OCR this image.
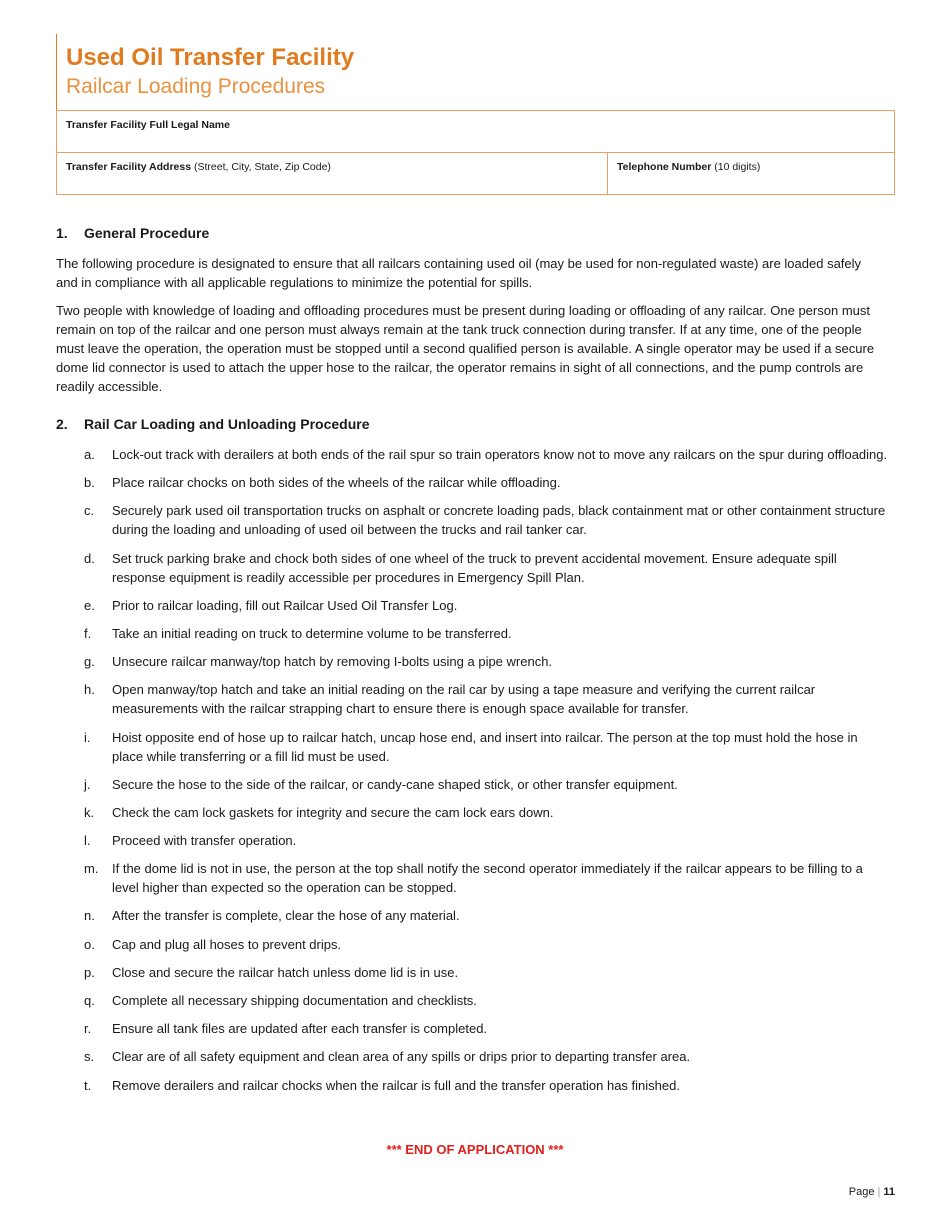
Used Oil Transfer Facility
Railcar Loading Procedures
Transfer Facility Full Legal Name
Transfer Facility Address (Street, City, State, Zip Code)	Telephone Number (10 digits)
1.	General Procedure

The following procedure is designated to ensure that all railcars containing used oil (may be used for non-regulated waste) are loaded safely and in compliance with all applicable regulations to minimize the potential for spills.

Two people with knowledge of loading and offloading procedures must be present during loading or offloading of any railcar. One person must remain on top of the railcar and one person must always remain at the tank truck connection during transfer. If at any time, one of the people must leave the operation, the operation must be stopped until a second qualified person is available. A single operator may be used if a secure dome lid connector is used to attach the upper hose to the railcar, the operator remains in sight of all connections, and the pump controls are readily accessible.

2.	Rail Car Loading and Unloading Procedure
a.	Lock-out track with derailers at both ends of the rail spur so train operators know not to move any railcars on the spur during offloading.
b.	Place railcar chocks on both sides of the wheels of the railcar while offloading.
c.	Securely park used oil transportation trucks on asphalt or concrete loading pads, black containment mat or other containment structure during the loading and unloading of used oil between the trucks and rail tanker car.
d.	Set truck parking brake and chock both sides of one wheel of the truck to prevent accidental movement. Ensure adequate spill response equipment is readily accessible per procedures in Emergency Spill Plan.
e.	Prior to railcar loading, fill out Railcar Used Oil Transfer Log.
f.	Take an initial reading on truck to determine volume to be transferred.
g.	Unsecure railcar manway/top hatch by removing I-bolts using a pipe wrench.
h.	Open manway/top hatch and take an initial reading on the rail car by using a tape measure and verifying the current railcar measurements with the railcar strapping chart to ensure there is enough space available for transfer.
i.	Hoist opposite end of hose up to railcar hatch, uncap hose end, and insert into railcar. The person at the top must hold the hose in place while transferring or a fill lid must be used.
j.	Secure the hose to the side of the railcar, or candy-cane shaped stick, or other transfer equipment.
k.	Check the cam lock gaskets for integrity and secure the cam lock ears down.
l.	Proceed with transfer operation.
m.	If the dome lid is not in use, the person at the top shall notify the second operator immediately if the railcar appears to be filling to a level higher than expected so the operation can be stopped.
n.	After the transfer is complete, clear the hose of any material.
o.	Cap and plug all hoses to prevent drips.
p.	Close and secure the railcar hatch unless dome lid is in use.
q.	Complete all necessary shipping documentation and checklists.
r.	Ensure all tank files are updated after each transfer is completed.
s.	Clear are of all safety equipment and clean area of any spills or drips prior to departing transfer area.
t.	Remove derailers and railcar chocks when the railcar is full and the transfer operation has finished.
*** END OF APPLICATION ***
Page | 11
